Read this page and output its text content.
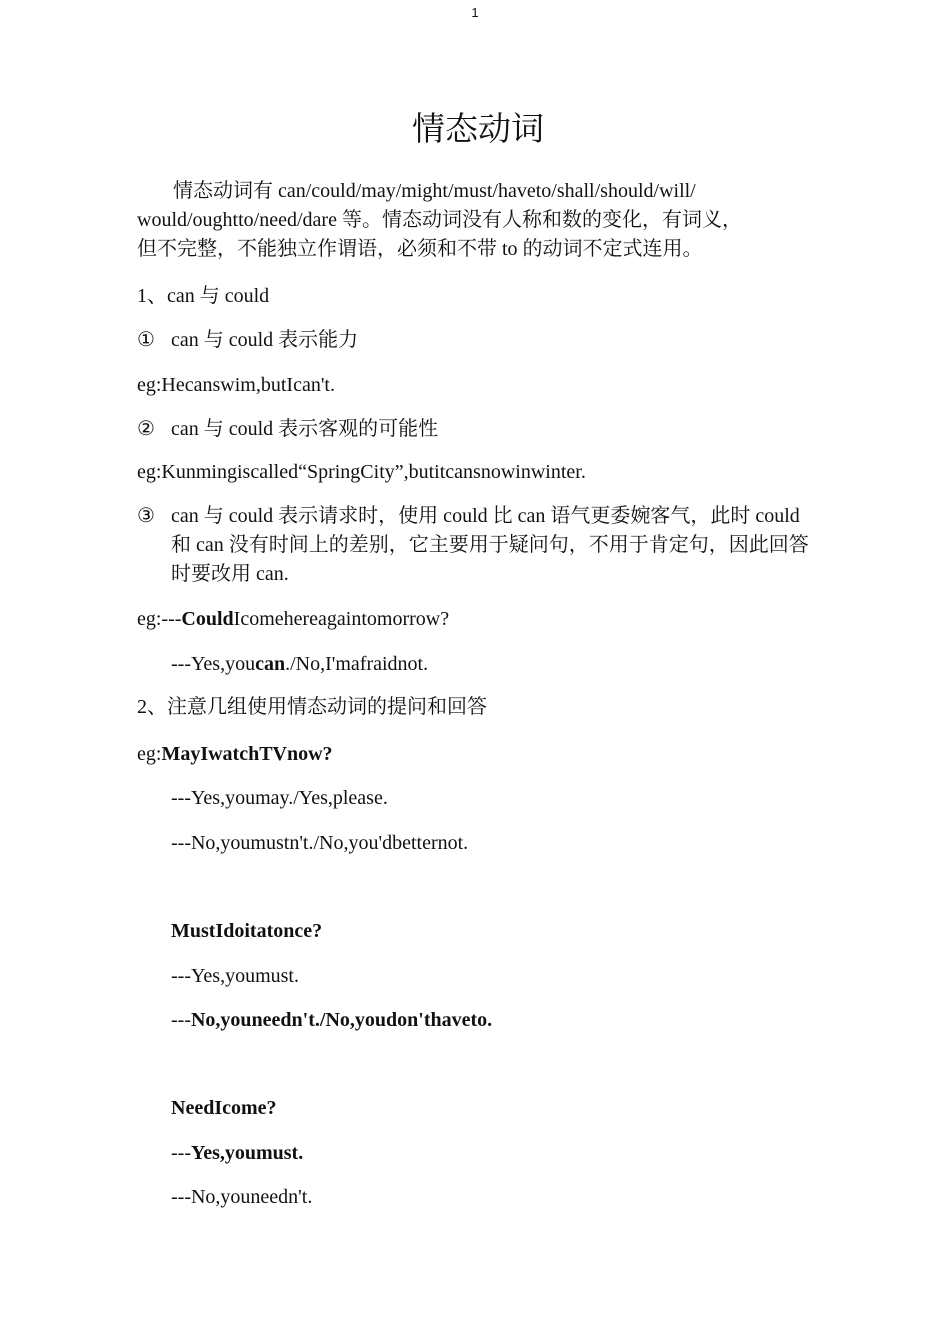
1
情态动词

情态动词有 can/could/may/might/must/haveto/shall/should/will/
would/oughtto/need/dare 等。情态动词没有人称和数的变化，有词义，
但不完整，不能独立作谓语，必须和不带 to 的动词不定式连用。

1、can 与 could

① can 与 could 表示能力

eg:Hecanswim,butIcan't.

② can 与 could 表示客观的可能性

eg:Kunmingiscalled“SpringCity”,butitcansnowinwinter.

③ can 与 could 表示请求时，使用 could 比 can 语气更委婉客气，此时 could 和 can 没有时间上的差别，它主要用于疑问句，不用于肯定句，因此回答时要改用 can.

eg:---CouldIcomehereagaintomorrow?

---Yes,youcan./No,I'mafraidnot.

2、注意几组使用情态动词的提问和回答

eg:MayIwatchTVnow?

---Yes,youmay./Yes,please.

---No,youmustn't./No,you'dbetternot.

MustIdoitatonce?

---Yes,youmust.

---No,youneedn't./No,youdon'thaveto.

NeedIcome?

---Yes,youmust.

---No,youneedn't.
